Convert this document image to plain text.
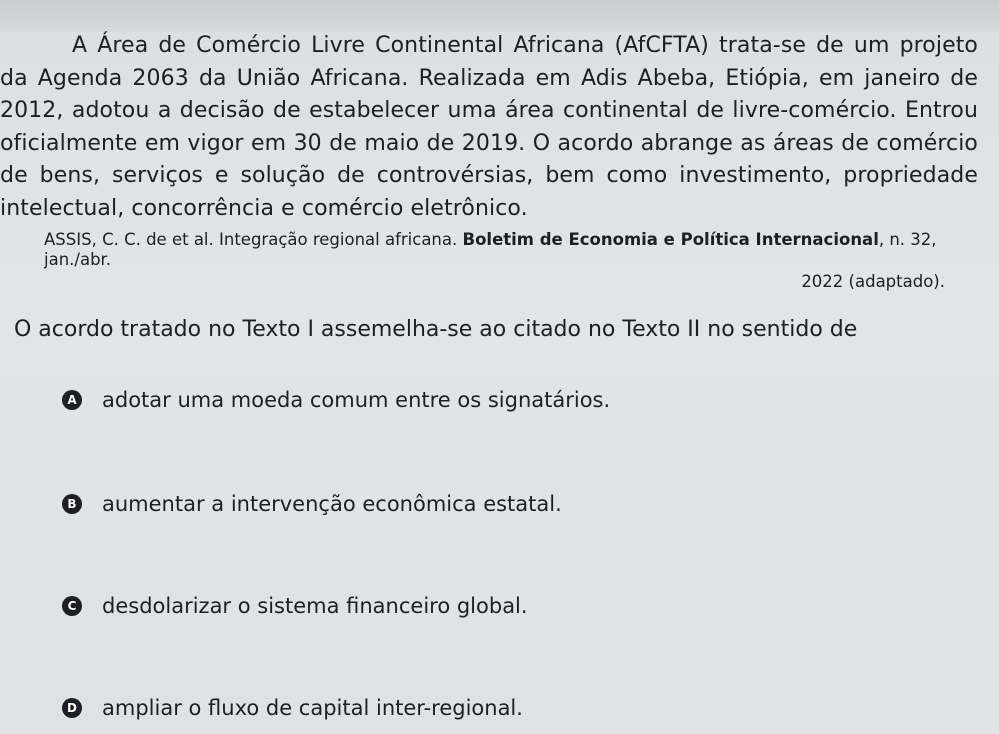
A Área de Comércio Livre Continental Africana (AfCFTA) trata-se de um projeto da Agenda 2063 da União Africana. Realizada em Adis Abeba, Etiópia, em janeiro de 2012, adotou a decisão de estabelecer uma área continental de livre-comércio. Entrou oficialmente em vigor em 30 de maio de 2019. O acordo abrange as áreas de comércio de bens, serviços e solução de controvérsias, bem como investimento, propriedade intelectual, concorrência e comércio eletrônico.

ASSIS, C. C. de et al. Integração regional africana. Boletim de Economia e Política Internacional, n. 32, jan./abr.
2022 (adaptado).
O acordo tratado no Texto I assemelha-se ao citado no Texto II no sentido de
A adotar uma moeda comum entre os signatários.
B aumentar a intervenção econômica estatal.
C desdolarizar o sistema financeiro global.
D ampliar o fluxo de capital inter-regional.
